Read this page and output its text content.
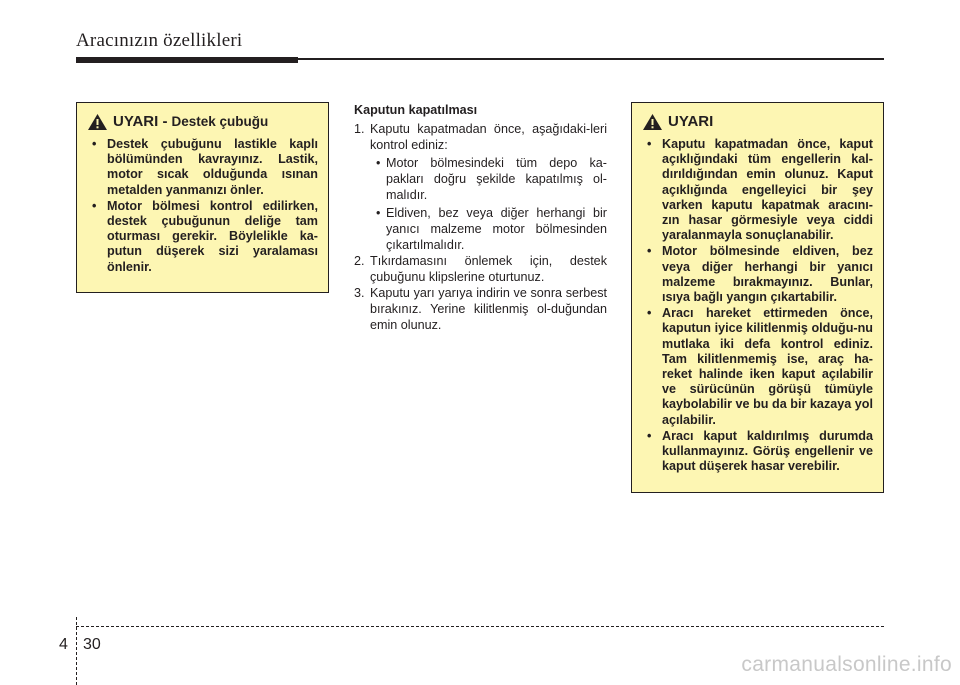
Aracınızın özellikleri
UYARI - Destek çubuğu
• Destek çubuğunu lastikle kaplı bölümünden kavrayınız. Lastik, motor sıcak olduğunda ısınan metalden yanmanızı önler.
• Motor bölmesi kontrol edilirken, destek çubuğunun deliğe tam oturması gerekir. Böylelikle ka-putun düşerek sizi yaralaması önlenir.
Kaputun kapatılması
1. Kaputu kapatmadan önce, aşağıdaki-leri kontrol ediniz:
• Motor bölmesindeki tüm depo ka-pakları doğru şekilde kapatılmış ol-malıdır.
• Eldiven, bez veya diğer herhangi bir yanıcı malzeme motor bölmesinden çıkartılmalıdır.
2. Tıkırdamasını önlemek için, destek çubuğunu klipslerine oturtunuz.
3. Kaputu yarı yarıya indirin ve sonra serbest bırakınız. Yerine kilitlenmiş ol-duğundan emin olunuz.
UYARI
• Kaputu kapatmadan önce, kaput açıklığındaki tüm engellerin kal-dırıldığından emin olunuz. Kaput açıklığında engelleyici bir şey varken kaputu kapatmak aracını-zın hasar görmesiyle veya ciddi yaralanmayla sonuçlanabilir.
• Motor bölmesinde eldiven, bez veya diğer herhangi bir yanıcı malzeme bırakmayınız. Bunlar, ısıya bağlı yangın çıkartabilir.
• Aracı hareket ettirmeden önce, kaputun iyice kilitlenmiş olduğu-nu mutlaka iki defa kontrol ediniz. Tam kilitlenmemiş ise, araç ha-reket halinde iken kaput açılabilir ve sürücünün görüşü tümüyle kaybolabilir ve bu da bir kazaya yol açılabilir.
• Aracı kaput kaldırılmış durumda kullanmayınız. Görüş engellenir ve kaput düşerek hasar verebilir.
4 30
carmanualsonline.info
